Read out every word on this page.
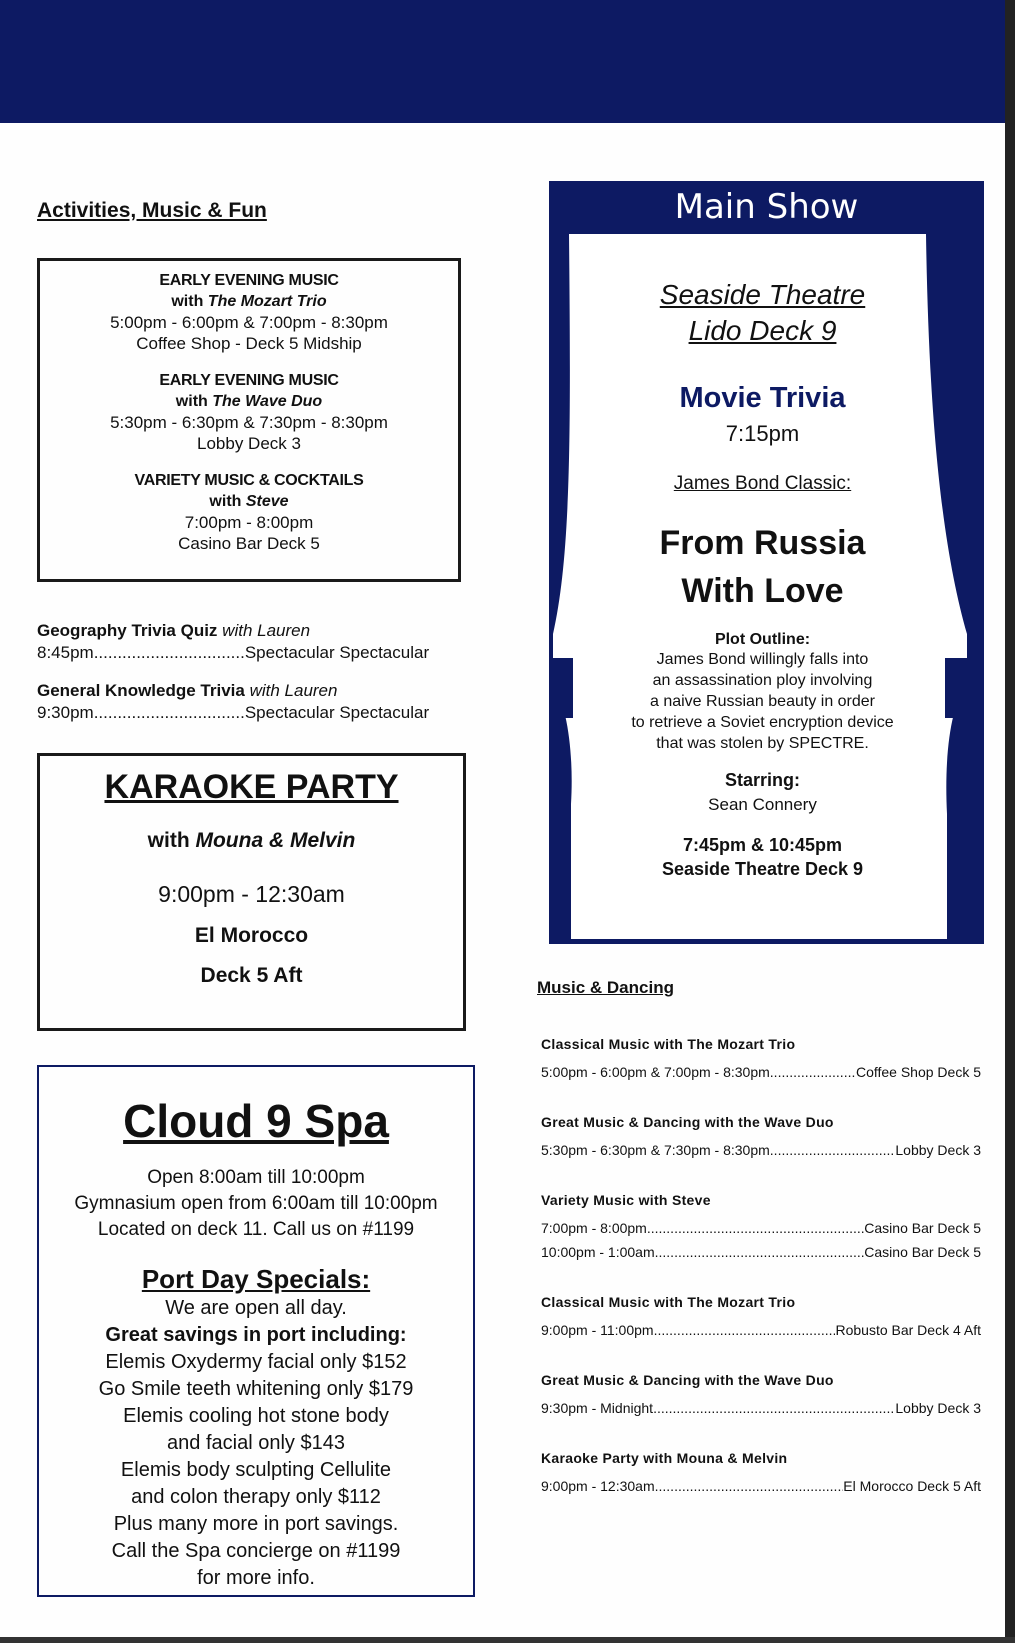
Activities, Music & Fun
EARLY EVENING MUSIC
with The Mozart Trio
5:00pm - 6:00pm & 7:00pm - 8:30pm
Coffee Shop - Deck 5 Midship
EARLY EVENING MUSIC
with The Wave Duo
5:30pm - 6:30pm & 7:30pm - 8:30pm
Lobby Deck 3
VARIETY MUSIC & COCKTAILS
with Steve
7:00pm - 8:00pm
Casino Bar Deck 5
Geography Trivia Quiz with Lauren
8:45pm................................Spectacular Spectacular
General Knowledge Trivia with Lauren
9:30pm................................Spectacular Spectacular
KARAOKE PARTY
with Mouna & Melvin
9:00pm - 12:30am
El Morocco
Deck 5 Aft
Cloud 9 Spa
Open 8:00am till 10:00pm
Gymnasium open from 6:00am till 10:00pm
Located on deck 11. Call us on #1199
Port Day Specials:
We are open all day.
Great savings in port including:
Elemis Oxydermy facial only $152
Go Smile teeth whitening only $179
Elemis cooling hot stone body
and facial only $143
Elemis body sculpting Cellulite
and colon therapy only $112
Plus many more in port savings.
Call the Spa concierge on #1199
for more info.
Main Show
Seaside Theatre
Lido Deck 9
Movie Trivia
7:15pm
James Bond Classic:
From Russia
With Love
Plot Outline:
James Bond willingly falls into
an assassination ploy involving
a naive Russian beauty in order
to retrieve a Soviet encryption device
that was stolen by SPECTRE.
Starring:
Sean Connery
7:45pm & 10:45pm
Seaside Theatre Deck 9
Music & Dancing
Classical Music with The Mozart Trio
5:00pm - 6:00pm & 7:00pm - 8:30pm .....	Coffee Shop Deck 5
Great Music & Dancing with the Wave Duo
5:30pm - 6:30pm & 7:30pm - 8:30pm .....	Lobby Deck 3
Variety Music with Steve
7:00pm - 8:00pm .....	Casino Bar Deck 5
10:00pm - 1:00am .....	Casino Bar Deck 5
Classical Music with The Mozart Trio
9:00pm - 11:00pm .....	Robusto Bar Deck 4 Aft
Great Music & Dancing with the Wave Duo
9:30pm - Midnight .....	Lobby Deck 3
Karaoke Party with Mouna & Melvin
9:00pm - 12:30am .....	El Morocco Deck 5 Aft
